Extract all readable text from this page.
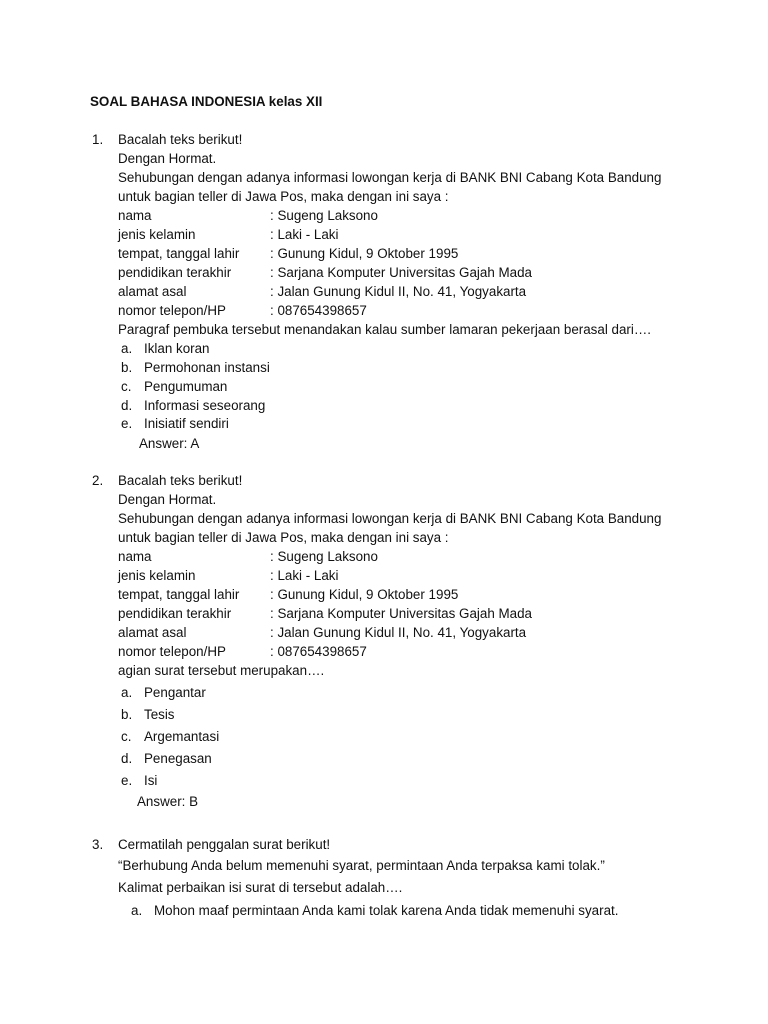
SOAL BAHASA INDONESIA kelas XII
1. Bacalah teks berikut!
Dengan Hormat.
Sehubungan dengan adanya informasi lowongan kerja di BANK BNI Cabang Kota Bandung
untuk bagian teller di Jawa Pos, maka dengan ini saya :
nama	: Sugeng Laksono
jenis kelamin	: Laki - Laki
tempat, tanggal lahir : Gunung Kidul, 9 Oktober 1995
pendidikan terakhir	: Sarjana Komputer Universitas Gajah Mada
alamat asal	: Jalan Gunung Kidul II, No. 41, Yogyakarta
nomor telepon/HP	: 087654398657
Paragraf pembuka tersebut menandakan kalau sumber lamaran pekerjaan berasal dari….
a. Iklan koran
b. Permohonan instansi
c. Pengumuman
d. Informasi seseorang
e. Inisiatif sendiri
Answer: A
2. Bacalah teks berikut!
Dengan Hormat.
Sehubungan dengan adanya informasi lowongan kerja di BANK BNI Cabang Kota Bandung
untuk bagian teller di Jawa Pos, maka dengan ini saya :
nama	: Sugeng Laksono
jenis kelamin	: Laki - Laki
tempat, tanggal lahir : Gunung Kidul, 9 Oktober 1995
pendidikan terakhir	: Sarjana Komputer Universitas Gajah Mada
alamat asal	: Jalan Gunung Kidul II, No. 41, Yogyakarta
nomor telepon/HP	: 087654398657
agian surat tersebut merupakan….
a. Pengantar
b. Tesis
c. Argemantasi
d. Penegasan
e. Isi
Answer: B
3. Cermatilah penggalan surat berikut!
“Berhubung Anda belum memenuhi syarat, permintaan Anda terpaksa kami tolak.”
Kalimat perbaikan isi surat di tersebut adalah….
a. Mohon maaf permintaan Anda kami tolak karena Anda tidak memenuhi syarat.
